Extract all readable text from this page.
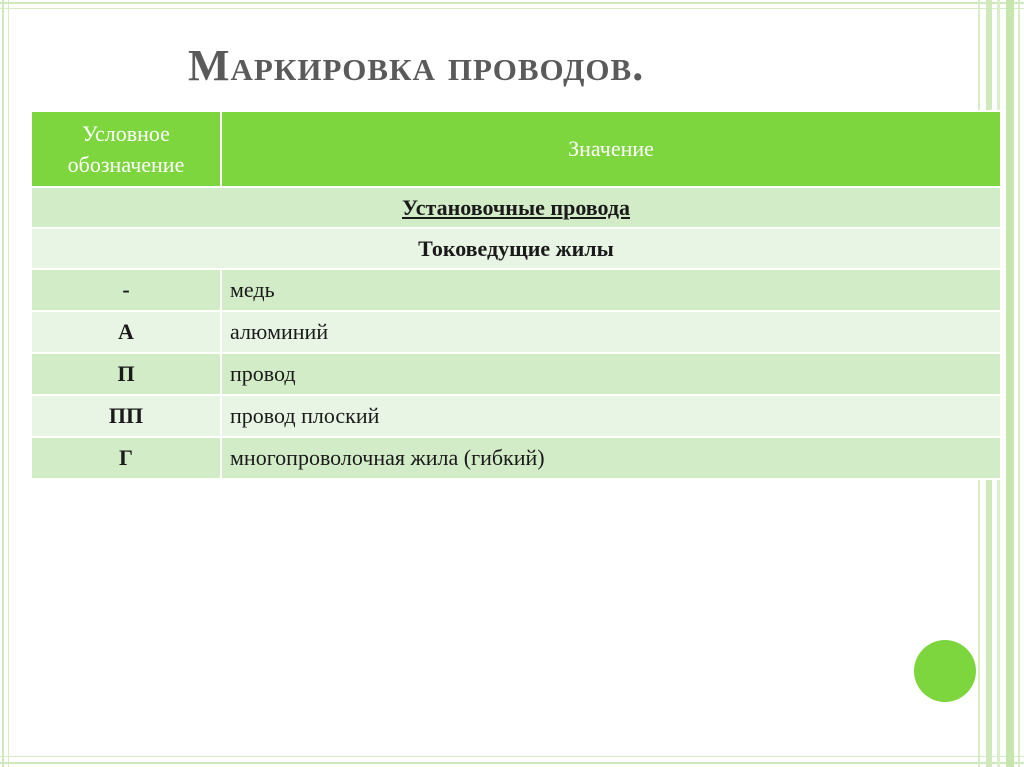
Маркировка проводов.
Условное обозначение	Значение
Установочные провода	
Токоведущие жилы	
-	медь
А	алюминий
П	провод
ПП	провод плоский
Г	многопроволочная жила (гибкий)
